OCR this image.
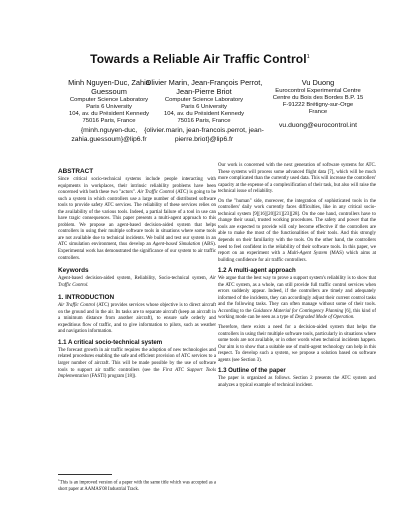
Towards a Reliable Air Traffic Control$^1$
Minh Nguyen-Duc, Zahia Guessoum
Computer Science Laboratory
Paris 6 University
104, av. du Président Kennedy
75016 Paris, France
{minh.nguyen-duc, zahia.guessoum}@lip6.fr
Olivier Marin, Jean-François Perrot, Jean-Pierre Briot
Computer Science Laboratory
Paris 6 University
104, av. du Président Kennedy
75016 Paris, France
{olivier.marin, jean-francois.perrot, jean-pierre.briot}@lip6.fr
Vu Duong
Eurocontrol Experimental Centre
Centre du Bois des Bordes B.P. 15
F-91222 Brétigny-sur-Orge
France
vu.duong@eurocontrol.int
ABSTRACT

Since critical socio-technical systems include people interacting with equipments in workplaces, their intrinsic reliability problems have been concerned with both these two "actors". Air Traffic Control (ATC) is going to be such a system in which controllers use a large number of distributed software tools to provide safety ATC services. The reliability of these services relies on the availability of the various tools. Indeed, a partial failure of a tool in use can have tragic consequences. This paper presents a multi-agent approach to this problem. We propose an agent-based decision-aided system that helps controllers in using their multiple software tools in situations where some tools are not available due to technical incidents. We build and test our system in an ATC simulation environment, thus develop an Agent-based Simulation (ABS). Experimental work has demonstrated the significance of our system to air traffic controllers.

Keywords

Agent-based decision-aided system, Reliability, Socio-technical system, Air Traffic Control.

1. INTRODUCTION

Air Traffic Control (ATC) provides services whose objective is to direct aircraft on the ground and in the air. Its tasks are to separate aircraft (keep an aircraft in a minimum distance from another aircraft), to ensure safe orderly and expeditious flow of traffic, and to give information to pilots, such as weather and navigation information.

1.1 A critical socio-technical system

The forecast growth in air traffic requires the adoption of new technologies and related procedures enabling the safe and efficient provision of ATC services to a larger number of aircraft. This will be made possible by the use of software tools to support air traffic controllers (see the First ATC Support Tools Implementation (FASTI) program [18]).

$^1$This is an improved version of a paper with the same title which was accepted as a short paper at AAMAS'08 Industrial Track.

Our work is concerned with the next generation of software systems for ATC. These systems will process some advanced flight data [7], which will be much more complicated than the currently used data. This will increase the controllers' capacity at the expense of a complexification of their task, but also will raise the technical issue of reliability.

On the "human" side, moreover, the integration of sophisticated tools in the controllers' daily work currently faces difficulties, like in any critical socio-technical system [9][16][20][21][23][28]. On the one hand, controllers have to change their usual, trusted working procedures. The safety and power that the tools are expected to provide will only become effective if the controllers are able to make the most of the functionalities of their tools. And this strongly depends on their familiarity with the tools. On the other hand, the controllers need to feel confident in the reliability of their software tools. In this paper, we report on an experiment with a Multi-Agent System (MAS) which aims at building confidence for air traffic controllers.

1.2 A multi-agent approach

We argue that the best way to prove a support system's reliability is to show that the ATC system, as a whole, can still provide full traffic control services when errors suddenly appear. Indeed, if the controllers are timely and adequately informed of the incidents, they can accordingly adjust their current control tasks and the following tasks. They can often manage without some of their tools. According to the Guidance Material for Contingency Planning [6], this kind of working mode can be seen as a type of Degraded Mode of Operation.

Therefore, there exists a need for a decision-aided system that helps the controllers in using their multiple software tools, particularly in situations where some tools are not available, or in other words when technical incidents happen. Our aim is to show that a suitable use of multi-agent technology can help in this respect. To develop such a system, we propose a solution based on software agents (see Section 3).

1.3 Outline of the paper

The paper is organized as follows. Section 2 presents the ATC system and analyzes a typical example of technical incident.
